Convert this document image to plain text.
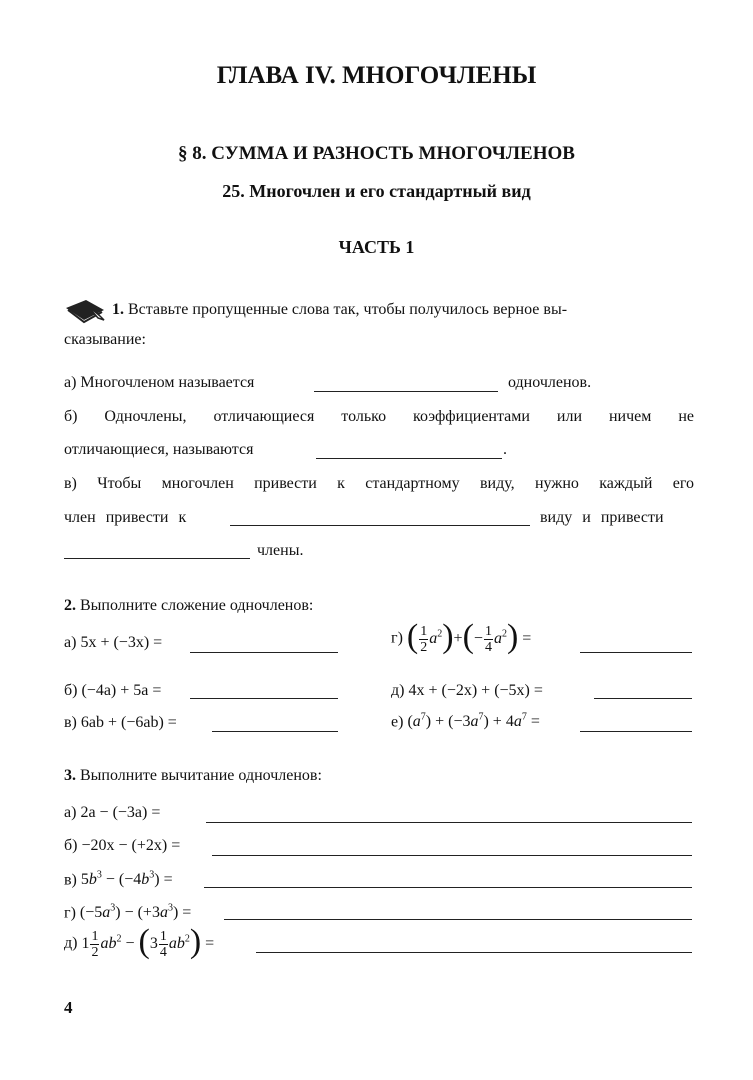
ГЛАВА IV. МНОГОЧЛЕНЫ
§ 8. СУММА И РАЗНОСТЬ МНОГОЧЛЕНОВ
25. Многочлен и его стандартный вид
ЧАСТЬ 1
1. Вставьте пропущенные слова так, чтобы получилось верное вы-
сказывание:
а) Многочленом называется	одночленов.
б) Одночлены, отличающиеся только коэффициентами или ничем не
отличающиеся, называются	.
в) Чтобы многочлен привести к стандартному виду, нужно каждый его
член привести к	виду и привести
члены.
2. Выполните сложение одночленов:
а) 5x + (−3x) =	г) ( $\frac{1}{2} a^2)+(- \frac{1}{4} a^2)$ =
б) (−4a) + 5a =	д) 4x + (−2x) + (−5x) =
в) 6ab + (−6ab) =	е) $(a^7) + (-3a^7) + 4a^7$ =
3. Выполните вычитание одночленов:
а) 2a − (−3a) =
б) −20x − (+2x) =
в) $5b^3 - (-4b^3)$ =
г) $(-5a^3) - (+3a^3)$ =
д) $1 \frac{1}{2} ab^2 - (3 \frac{1}{4} ab^2)$ =
4
